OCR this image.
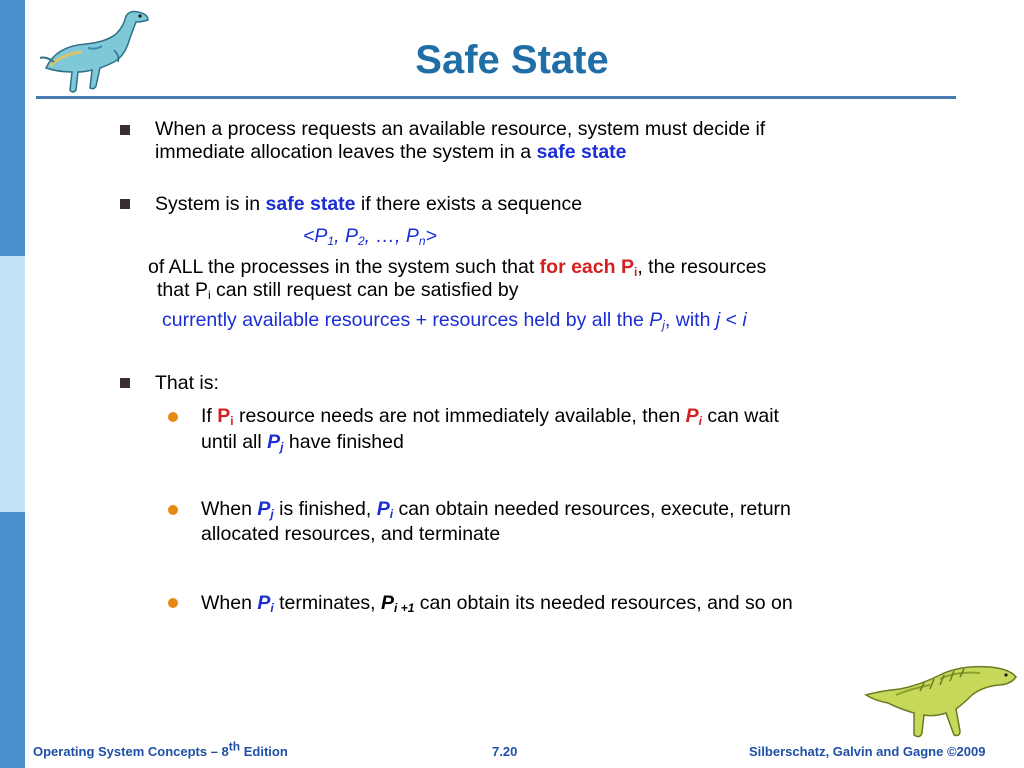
Safe State
When a process requests an available resource, system must decide if
immediate allocation leaves the system in a safe state
System is in safe state if there exists a sequence
$<P_1$, $P_2$, …, $P_n>$
of ALL the processes in the system such that for each $P_i$, the resources
that $P_i$ can still request can be satisfied by
currently available resources + resources held by all the $P_j$, with j < i
That is:
If $P_i$ resource needs are not immediately available, then $P_i$ can wait
until all $P_j$ have finished
When $P_j$ is finished, $P_i$ can obtain needed resources, execute, return
allocated resources, and terminate
When $P_i$ terminates, $P_{i +1}$ can obtain its needed resources, and so on
Operating System Concepts – 8th Edition	7.20	Silberschatz, Galvin and Gagne ©2009
